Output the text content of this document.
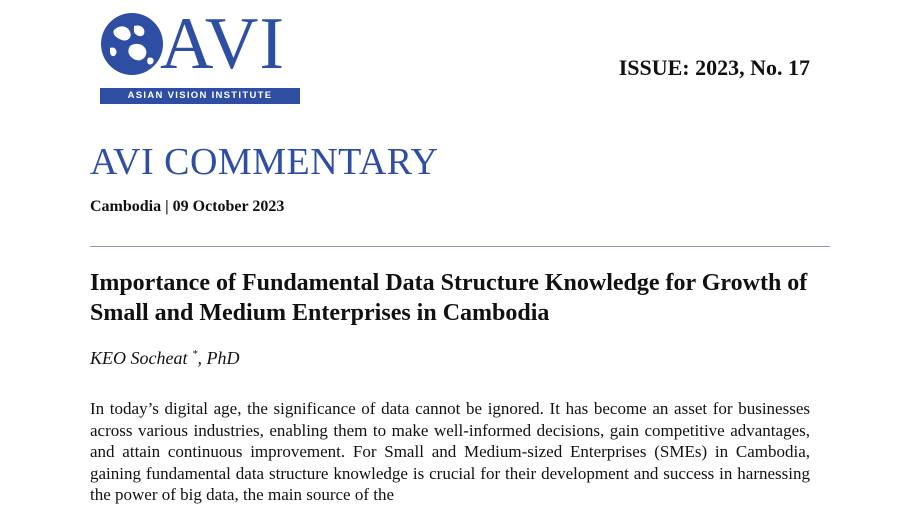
AVI
ASIAN VISION INSTITUTE
ISSUE: 2023, No. 17
AVI COMMENTARY
Cambodia | 09 October 2023
Importance of Fundamental Data Structure Knowledge for Growth of Small and Medium Enterprises in Cambodia
KEO Socheat *, PhD
In today’s digital age, the significance of data cannot be ignored. It has become an asset for businesses across various industries, enabling them to make well-informed decisions, gain competitive advantages, and attain continuous improvement. For Small and Medium-sized Enterprises (SMEs) in Cambodia, gaining fundamental data structure knowledge is crucial for their development and success in harnessing the power of big data, the main source of the
